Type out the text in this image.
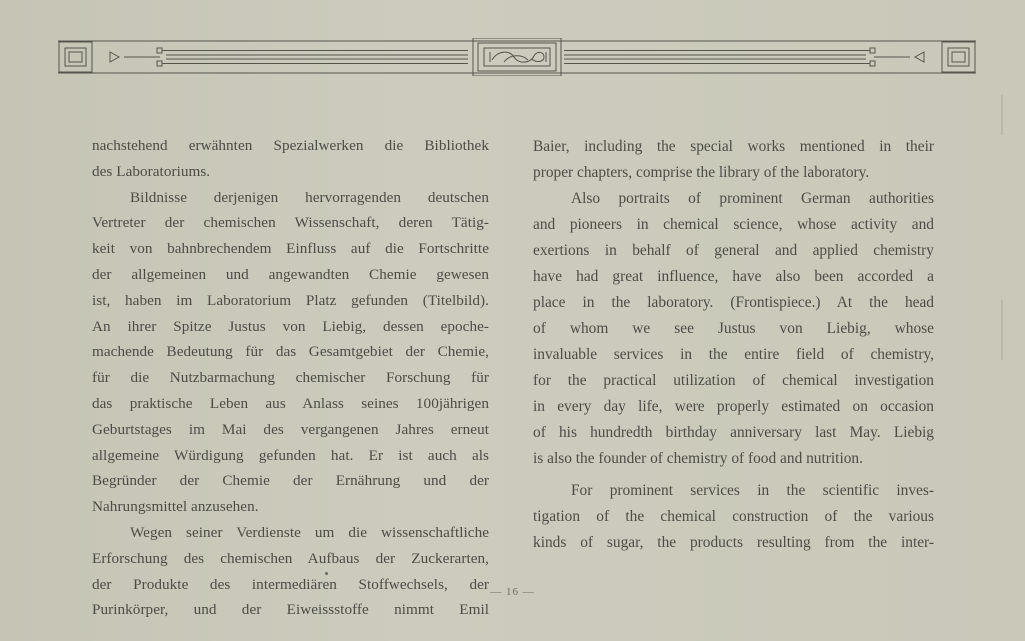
nachstehend erwähnten Spezialwerken die Bibliothek
des Laboratoriums.
Bildnisse derjenigen hervorragenden deutschen
Vertreter der chemischen Wissenschaft, deren Tätig-
keit von bahnbrechendem Einfluss auf die Fortschritte
der allgemeinen und angewandten Chemie gewesen
ist, haben im Laboratorium Platz gefunden (Titelbild).
An ihrer Spitze Justus von Liebig, dessen epoche-
machende Bedeutung für das Gesamtgebiet der Chemie,
für die Nutzbarmachung chemischer Forschung für
das praktische Leben aus Anlass seines 100jährigen
Geburtstages im Mai des vergangenen Jahres erneut
allgemeine Würdigung gefunden hat. Er ist auch als
Begründer der Chemie der Ernährung und der
Nahrungsmittel anzusehen.
Wegen seiner Verdienste um die wissenschaftliche
Erforschung des chemischen Aufbaus der Zuckerarten,
der Produkte des intermediären Stoffwechsels, der
Purinkörper, und der Eiweissstoffe nimmt Emil
Baier, including the special works mentioned in their
proper chapters, comprise the library of the laboratory.
Also portraits of prominent German authorities
and pioneers in chemical science, whose activity and
exertions in behalf of general and applied chemistry
have had great influence, have also been accorded a
place in the laboratory. (Frontispiece.) At the head
of whom we see Justus von Liebig, whose
invaluable services in the entire field of chemistry,
for the practical utilization of chemical investigation
in every day life, were properly estimated on occasion
of his hundredth birthday anniversary last May. Liebig
is also the founder of chemistry of food and nutrition.
For prominent services in the scientific inves-
tigation of the chemical construction of the various
kinds of sugar, the products resulting from the inter-
— 16 —
